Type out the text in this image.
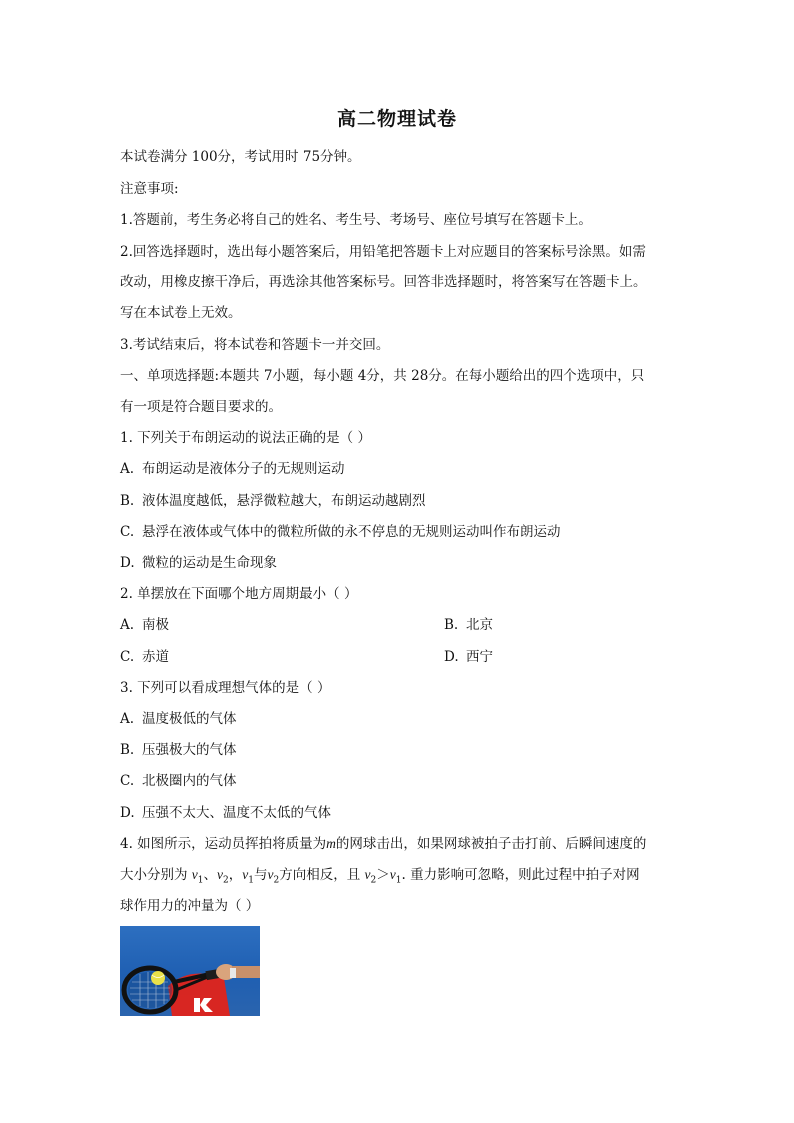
高二物理试卷
本试卷满分 100分，考试用时 75分钟。
注意事项:
1.答题前，考生务必将自己的姓名、考生号、考场号、座位号填写在答题卡上。
2.回答选择题时，选出每小题答案后，用铅笔把答题卡上对应题目的答案标号涂黑。如需
改动，用橡皮擦干净后，再选涂其他答案标号。回答非选择题时，将答案写在答题卡上。
写在本试卷上无效。
3.考试结束后，将本试卷和答题卡一并交回。
一、单项选择题:本题共 7小题，每小题 4分，共 28分。在每小题给出的四个选项中，只
有一项是符合题目要求的。
1. 下列关于布朗运动的说法正确的是（ ）
A. 布朗运动是液体分子的无规则运动
B. 液体温度越低，悬浮微粒越大，布朗运动越剧烈
C. 悬浮在液体或气体中的微粒所做的永不停息的无规则运动叫作布朗运动
D. 微粒的运动是生命现象
2. 单摆放在下面哪个地方周期最小（ ）
A. 南极	B. 北京
C. 赤道	D. 西宁
3. 下列可以看成理想气体的是（ ）
A. 温度极低的气体
B. 压强极大的气体
C. 北极圈内的气体
D. 压强不太大、温度不太低的气体
4. 如图所示，运动员挥拍将质量为m的网球击出，如果网球被拍子击打前、后瞬间速度的
大小分别为 $v_1$、$v_2$，$v_1$与$v_2$方向相反，且 $v_2>v_1$. 重力影响可忽略，则此过程中拍子对网
球作用力的冲量为（ ）
